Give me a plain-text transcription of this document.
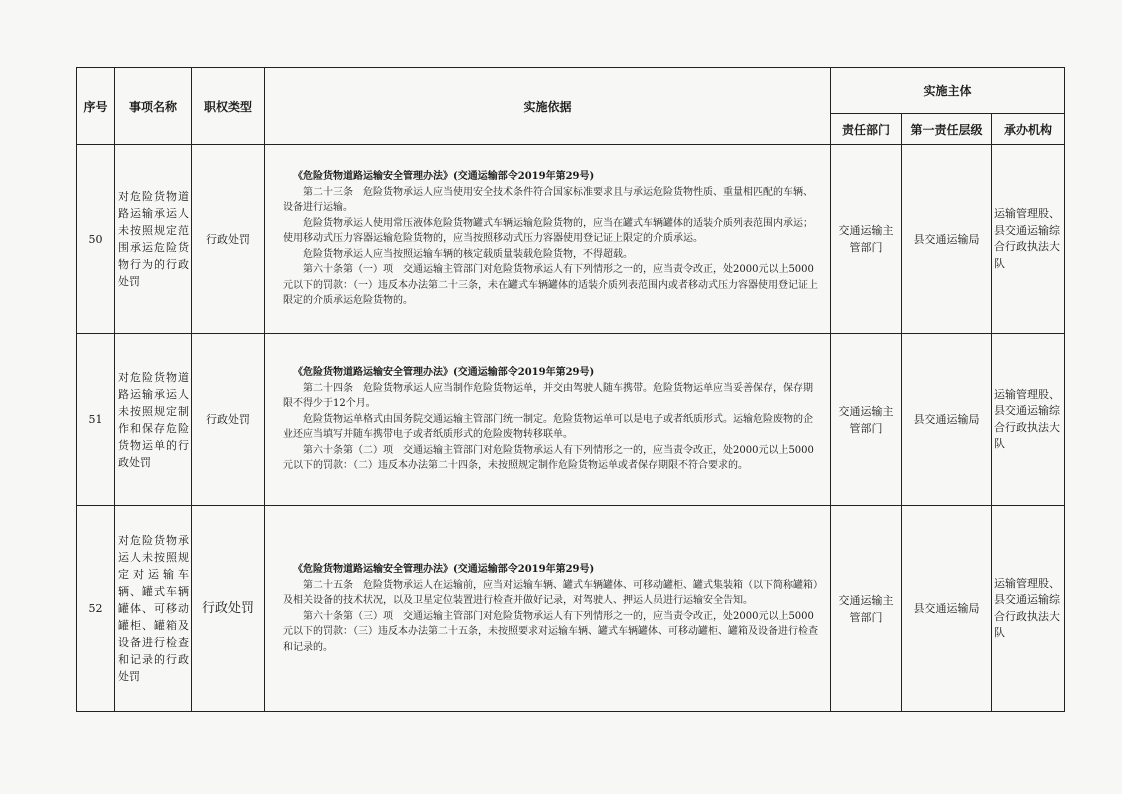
序号	事项名称	职权类型	实施依据	实施主体		
				责任部门	第一责任层级	承办机构
50	对危险货物道路运输承运人未按照规定范围承运危险货物行为的行政处罚	行政处罚	《危险货物道路运输安全管理办法》(交通运输部令2019年第29号)

第二十三条　危险货物承运人应当使用安全技术条件符合国家标准要求且与承运危险货物性质、重量相匹配的车辆、设备进行运输。

危险货物承运人使用常压液体危险货物罐式车辆运输危险货物的，应当在罐式车辆罐体的适装介质列表范围内承运；使用移动式压力容器运输危险货物的，应当按照移动式压力容器使用登记证上限定的介质承运。

危险货物承运人应当按照运输车辆的核定载质量装载危险货物，不得超载。

第六十条第（一）项　交通运输主管部门对危险货物承运人有下列情形之一的，应当责令改正，处2000元以上5000元以下的罚款：（一）违反本办法第二十三条，未在罐式车辆罐体的适装介质列表范围内或者移动式压力容器使用登记证上限定的介质承运危险货物的。	交通运输主管部门	县交通运输局	运输管理股、县交通运输综合行政执法大队
51	对危险货物道路运输承运人未按照规定制作和保存危险货物运单的行政处罚	行政处罚	《危险货物道路运输安全管理办法》(交通运输部令2019年第29号)

第二十四条　危险货物承运人应当制作危险货物运单，并交由驾驶人随车携带。危险货物运单应当妥善保存，保存期限不得少于12个月。

危险货物运单格式由国务院交通运输主管部门统一制定。危险货物运单可以是电子或者纸质形式。运输危险废物的企业还应当填写并随车携带电子或者纸质形式的危险废物转移联单。

第六十条第（二）项　交通运输主管部门对危险货物承运人有下列情形之一的，应当责令改正，处2000元以上5000元以下的罚款：（二）违反本办法第二十四条，未按照规定制作危险货物运单或者保存期限不符合要求的。	交通运输主管部门	县交通运输局	运输管理股、县交通运输综合行政执法大队
52	对危险货物承运人未按照规定对运输车辆、罐式车辆罐体、可移动罐柜、罐箱及设备进行检查和记录的行政处罚	行政处罚	《危险货物道路运输安全管理办法》(交通运输部令2019年第29号)

第二十五条　危险货物承运人在运输前，应当对运输车辆、罐式车辆罐体、可移动罐柜、罐式集装箱（以下简称罐箱）及相关设备的技术状况，以及卫星定位装置进行检查并做好记录，对驾驶人、押运人员进行运输安全告知。

第六十条第（三）项　交通运输主管部门对危险货物承运人有下列情形之一的，应当责令改正，处2000元以上5000元以下的罚款：（三）违反本办法第二十五条，未按照要求对运输车辆、罐式车辆罐体、可移动罐柜、罐箱及设备进行检查和记录的。	交通运输主管部门	县交通运输局	运输管理股、县交通运输综合行政执法大队
